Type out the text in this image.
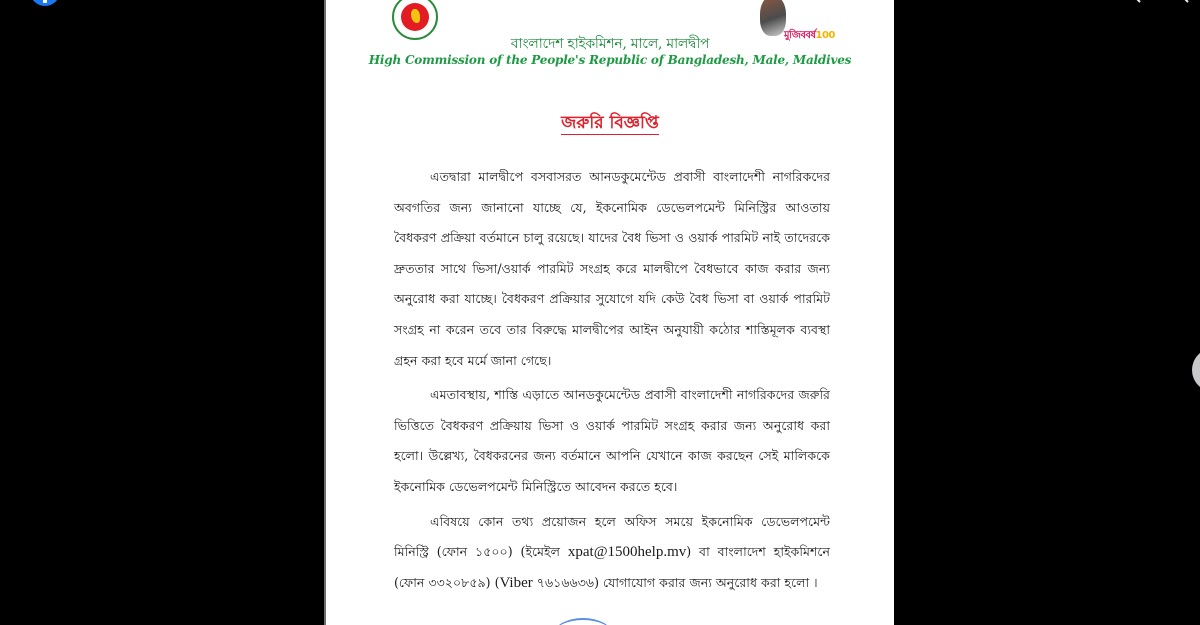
মুজিববর্ষ100
বাংলাদেশ হাইকমিশন, মালে, মালদ্বীপ
High Commission of the People's Republic of Bangladesh, Male, Maldives
জরুরি বিজ্ঞপ্তি

এতদ্বারা মালদ্বীপে বসবাসরত আনডকুমেন্টেড প্রবাসী বাংলাদেশী নাগরিকদের অবগতির জন্য জানানো যাচ্ছে যে, ইকনোমিক ডেভেলপমেন্ট মিনিস্ট্রির আওতায় বৈধকরণ প্রক্রিয়া বর্তমানে চালু রয়েছে। যাদের বৈধ ভিসা ও ওয়ার্ক পারমিট নাই তাদেরকে দ্রুততার সাথে ভিসা/ওয়ার্ক পারমিট সংগ্রহ করে মালদ্বীপে বৈধভাবে কাজ করার জন্য অনুরোধ করা যাচ্ছে। বৈধকরণ প্রক্রিয়ার সুযোগে যদি কেউ বৈধ ভিসা বা ওয়ার্ক পারমিট সংগ্রহ না করেন তবে তার বিরুদ্ধে মালদ্বীপের আইন অনুযায়ী কঠোর শাস্তিমূলক ব্যবস্থা গ্রহন করা হবে মর্মে জানা গেছে।

এমতাবস্থায়, শাস্তি এড়াতে আনডকুমেন্টেড প্রবাসী বাংলাদেশী নাগরিকদের জরুরি ভিত্তিতে বৈধকরণ প্রক্রিয়ায় ভিসা ও ওয়ার্ক পারমিট সংগ্রহ করার জন্য অনুরোধ করা হলো। উল্লেখ্য, বৈধকরনের জন্য বর্তমানে আপনি যেখানে কাজ করছেন সেই মালিককে ইকনোমিক ডেভেলপমেন্ট মিনিস্ট্রিতে আবেদন করতে হবে।

এবিষয়ে কোন তথ্য প্রয়োজন হলে অফিস সময়ে ইকনোমিক ডেভেলপমেন্ট মিনিস্ট্রি (ফোন ১৫০০) (ইমেইল xpat@1500help.mv) বা বাংলাদেশ হাইকমিশনে (ফোন ৩৩২০৮৫৯) (Viber ৭৬১৬৬৩৬) যোগাযোগ করার জন্য অনুরোধ করা হলো ।
